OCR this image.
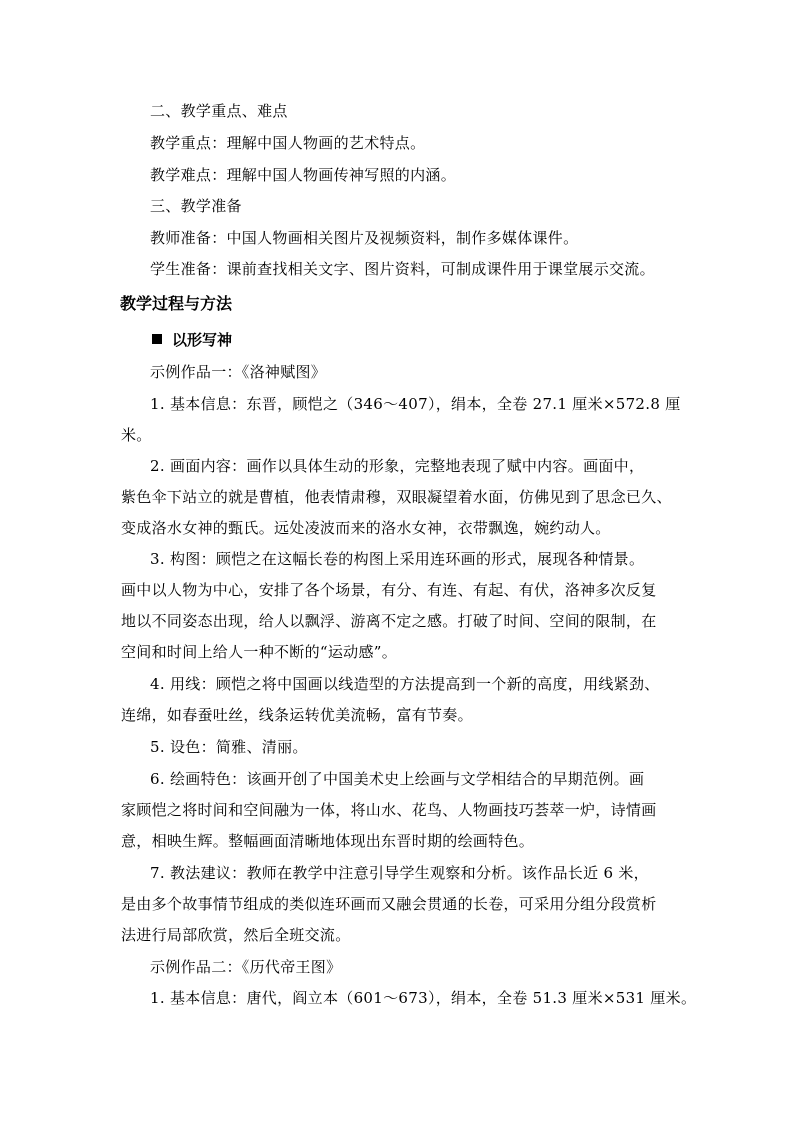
二、教学重点、难点
教学重点：理解中国人物画的艺术特点。
教学难点：理解中国人物画传神写照的内涵。
三、教学准备
教师准备：中国人物画相关图片及视频资料，制作多媒体课件。
学生准备：课前查找相关文字、图片资料，可制成课件用于课堂展示交流。
教学过程与方法
以形写神
示例作品一：《洛神赋图》
1. 基本信息：东晋，顾恺之（346～407），绢本，全卷 27.1 厘米×572.8 厘
米。
2. 画面内容：画作以具体生动的形象，完整地表现了赋中内容。画面中，
紫色伞下站立的就是曹植，他表情肃穆，双眼凝望着水面，仿佛见到了思念已久、
变成洛水女神的甄氏。远处凌波而来的洛水女神，衣带飘逸，婉约动人。
3. 构图：顾恺之在这幅长卷的构图上采用连环画的形式，展现各种情景。
画中以人物为中心，安排了各个场景，有分、有连、有起、有伏，洛神多次反复
地以不同姿态出现，给人以飘浮、游离不定之感。打破了时间、空间的限制，在
空间和时间上给人一种不断的“运动感”。
4. 用线：顾恺之将中国画以线造型的方法提高到一个新的高度，用线紧劲、
连绵，如春蚕吐丝，线条运转优美流畅，富有节奏。
5. 设色：简雅、清丽。
6. 绘画特色：该画开创了中国美术史上绘画与文学相结合的早期范例。画
家顾恺之将时间和空间融为一体，将山水、花鸟、人物画技巧荟萃一炉，诗情画
意，相映生辉。整幅画面清晰地体现出东晋时期的绘画特色。
7. 教法建议：教师在教学中注意引导学生观察和分析。该作品长近 6 米，
是由多个故事情节组成的类似连环画而又融会贯通的长卷，可采用分组分段赏析
法进行局部欣赏，然后全班交流。
示例作品二：《历代帝王图》
1. 基本信息：唐代，阎立本（601～673），绢本，全卷 51.3 厘米×531 厘米。
